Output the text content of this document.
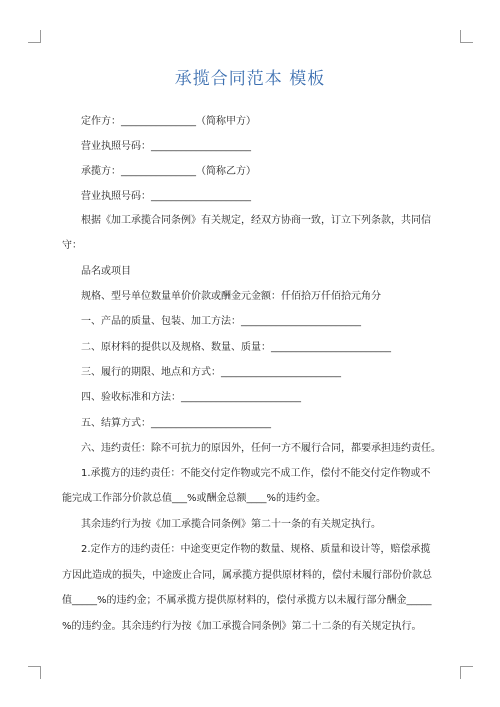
承揽合同范本 模板
定作方：_______________（简称甲方）
营业执照号码：____________________
承揽方：_______________（简称乙方）
营业执照号码：____________________
根据《加工承揽合同条例》有关规定，经双方协商一致，订立下列条款，共同信
守：
品名或项目
规格、型号单位数量单价价款或酬金元金额：仟佰拾万仟佰拾元角分
一、产品的质量、包装、加工方法：________________________
二、原材料的提供以及规格、数量、质量：________________________
三、履行的期限、地点和方式：________________________
四、验收标准和方法：________________________
五、结算方式：________________________
六、违约责任：除不可抗力的原因外，任何一方不履行合同，都要承担违约责任。
1.承揽方的违约责任：不能交付定作物或完不成工作，偿付不能交付定作物或不
能完成工作部分价款总值___%或酬金总额____%的违约金。
其余违约行为按《加工承揽合同条例》第二十一条的有关规定执行。
2.定作方的违约责任：中途变更定作物的数量、规格、质量和设计等，赔偿承揽
方因此造成的损失，中途废止合同，属承揽方提供原材料的，偿付未履行部份价款总
值_____%的违约金；不属承揽方提供原材料的，偿付承揽方以未履行部分酬金_____
%的违约金。其余违约行为按《加工承揽合同条例》第二十二条的有关规定执行。
